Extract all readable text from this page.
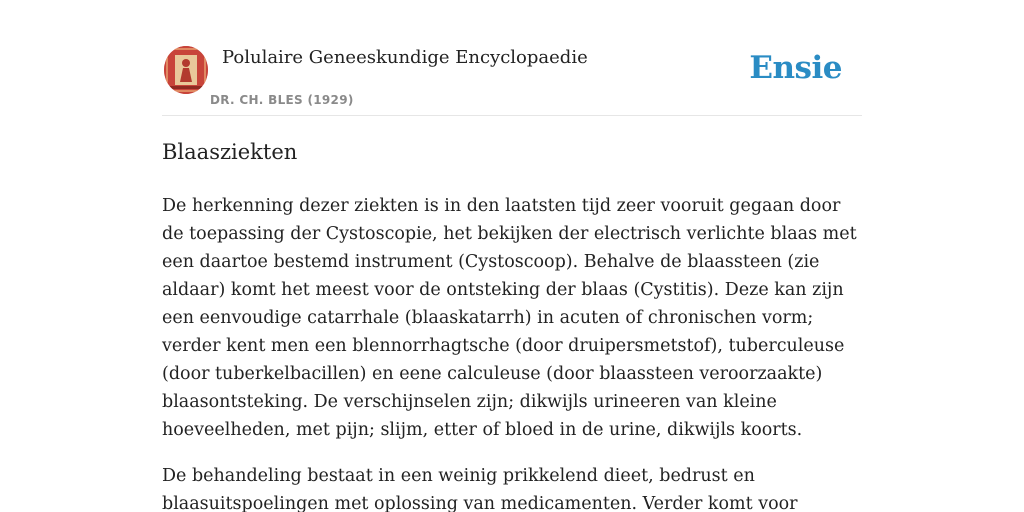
Polulaire Geneeskundige Encyclopaedie
DR. CH. BLES (1929)
Ensie
Blaasziekten

De herkenning dezer ziekten is in den laatsten tijd zeer vooruit gegaan door de toepassing der Cystoscopie, het bekijken der electrisch verlichte blaas met een daartoe bestemd instrument (Cystoscoop). Behalve de blaassteen (zie aldaar) komt het meest voor de ontsteking der blaas (Cystitis). Deze kan zijn een eenvoudige catarrhale (blaaskatarrh) in acuten of chronischen vorm; verder kent men een blennorrhagtsche (door druipersmetstof), tuberculeuse (door tuberkelbacillen) en eene calculeuse (door blaassteen veroorzaakte) blaasontsteking. De verschijnselen zijn; dikwijls urineeren van kleine hoeveelheden, met pijn; slijm, etter of bloed in de urine, dikwijls koorts.

De behandeling bestaat in een weinig prikkelend dieet, bedrust en blaasuitspoelingen met oplossing van medicamenten. Verder komt voor
